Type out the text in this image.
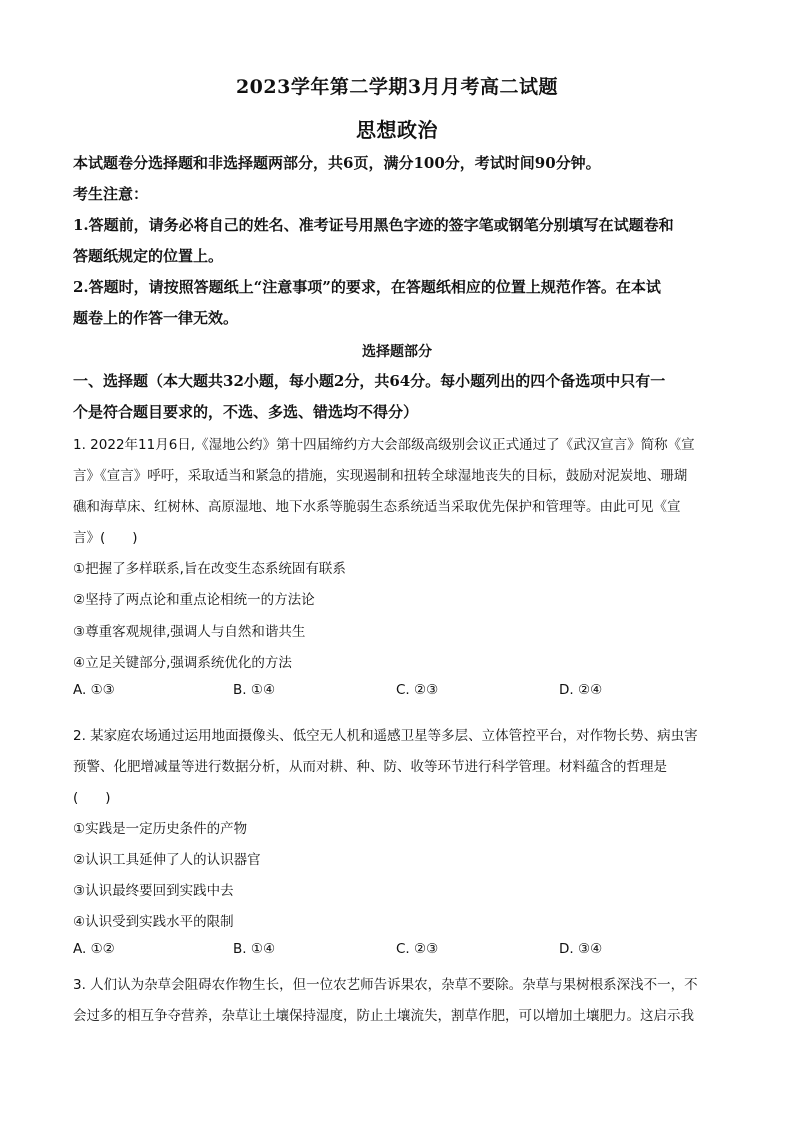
2023学年第二学期3月月考高二试题
思想政治
本试题卷分选择题和非选择题两部分，共6页，满分100分，考试时间90分钟。
考生注意：
1.答题前，请务必将自己的姓名、准考证号用黑色字迹的签字笔或钢笔分别填写在试题卷和
答题纸规定的位置上。
2.答题时，请按照答题纸上“注意事项”的要求，在答题纸相应的位置上规范作答。在本试
题卷上的作答一律无效。
选择题部分
一、选择题（本大题共32小题，每小题2分，共64分。每小题列出的四个备选项中只有一
个是符合题目要求的，不选、多选、错选均不得分）
1. 2022年11月6日,《湿地公约》第十四届缔约方大会部级高级别会议正式通过了《武汉宣言》简称《宣
言》《宣言》呼吁，采取适当和紧急的措施，实现遏制和扭转全球湿地丧失的目标，鼓励对泥炭地、珊瑚
礁和海草床、红树林、高原湿地、地下水系等脆弱生态系统适当采取优先保护和管理等。由此可见《宣
言》(　　)
①把握了多样联系,旨在改变生态系统固有联系
②坚持了两点论和重点论相统一的方法论
③尊重客观规律,强调人与自然和谐共生
④立足关键部分,强调系统优化的方法
A. ①③	B. ①④	C. ②③	D. ②④
2. 某家庭农场通过运用地面摄像头、低空无人机和遥感卫星等多层、立体管控平台，对作物长势、病虫害
预警、化肥增减量等进行数据分析，从而对耕、种、防、收等环节进行科学管理。材料蕴含的哲理是
(　　)
①实践是一定历史条件的产物
②认识工具延伸了人的认识器官
③认识最终要回到实践中去
④认识受到实践水平的限制
A. ①②	B. ①④	C. ②③	D. ③④
3. 人们认为杂草会阻碍农作物生长，但一位农艺师告诉果农，杂草不要除。杂草与果树根系深浅不一，不
会过多的相互争夺营养，杂草让土壤保持湿度，防止土壤流失，割草作肥，可以增加土壤肥力。这启示我
